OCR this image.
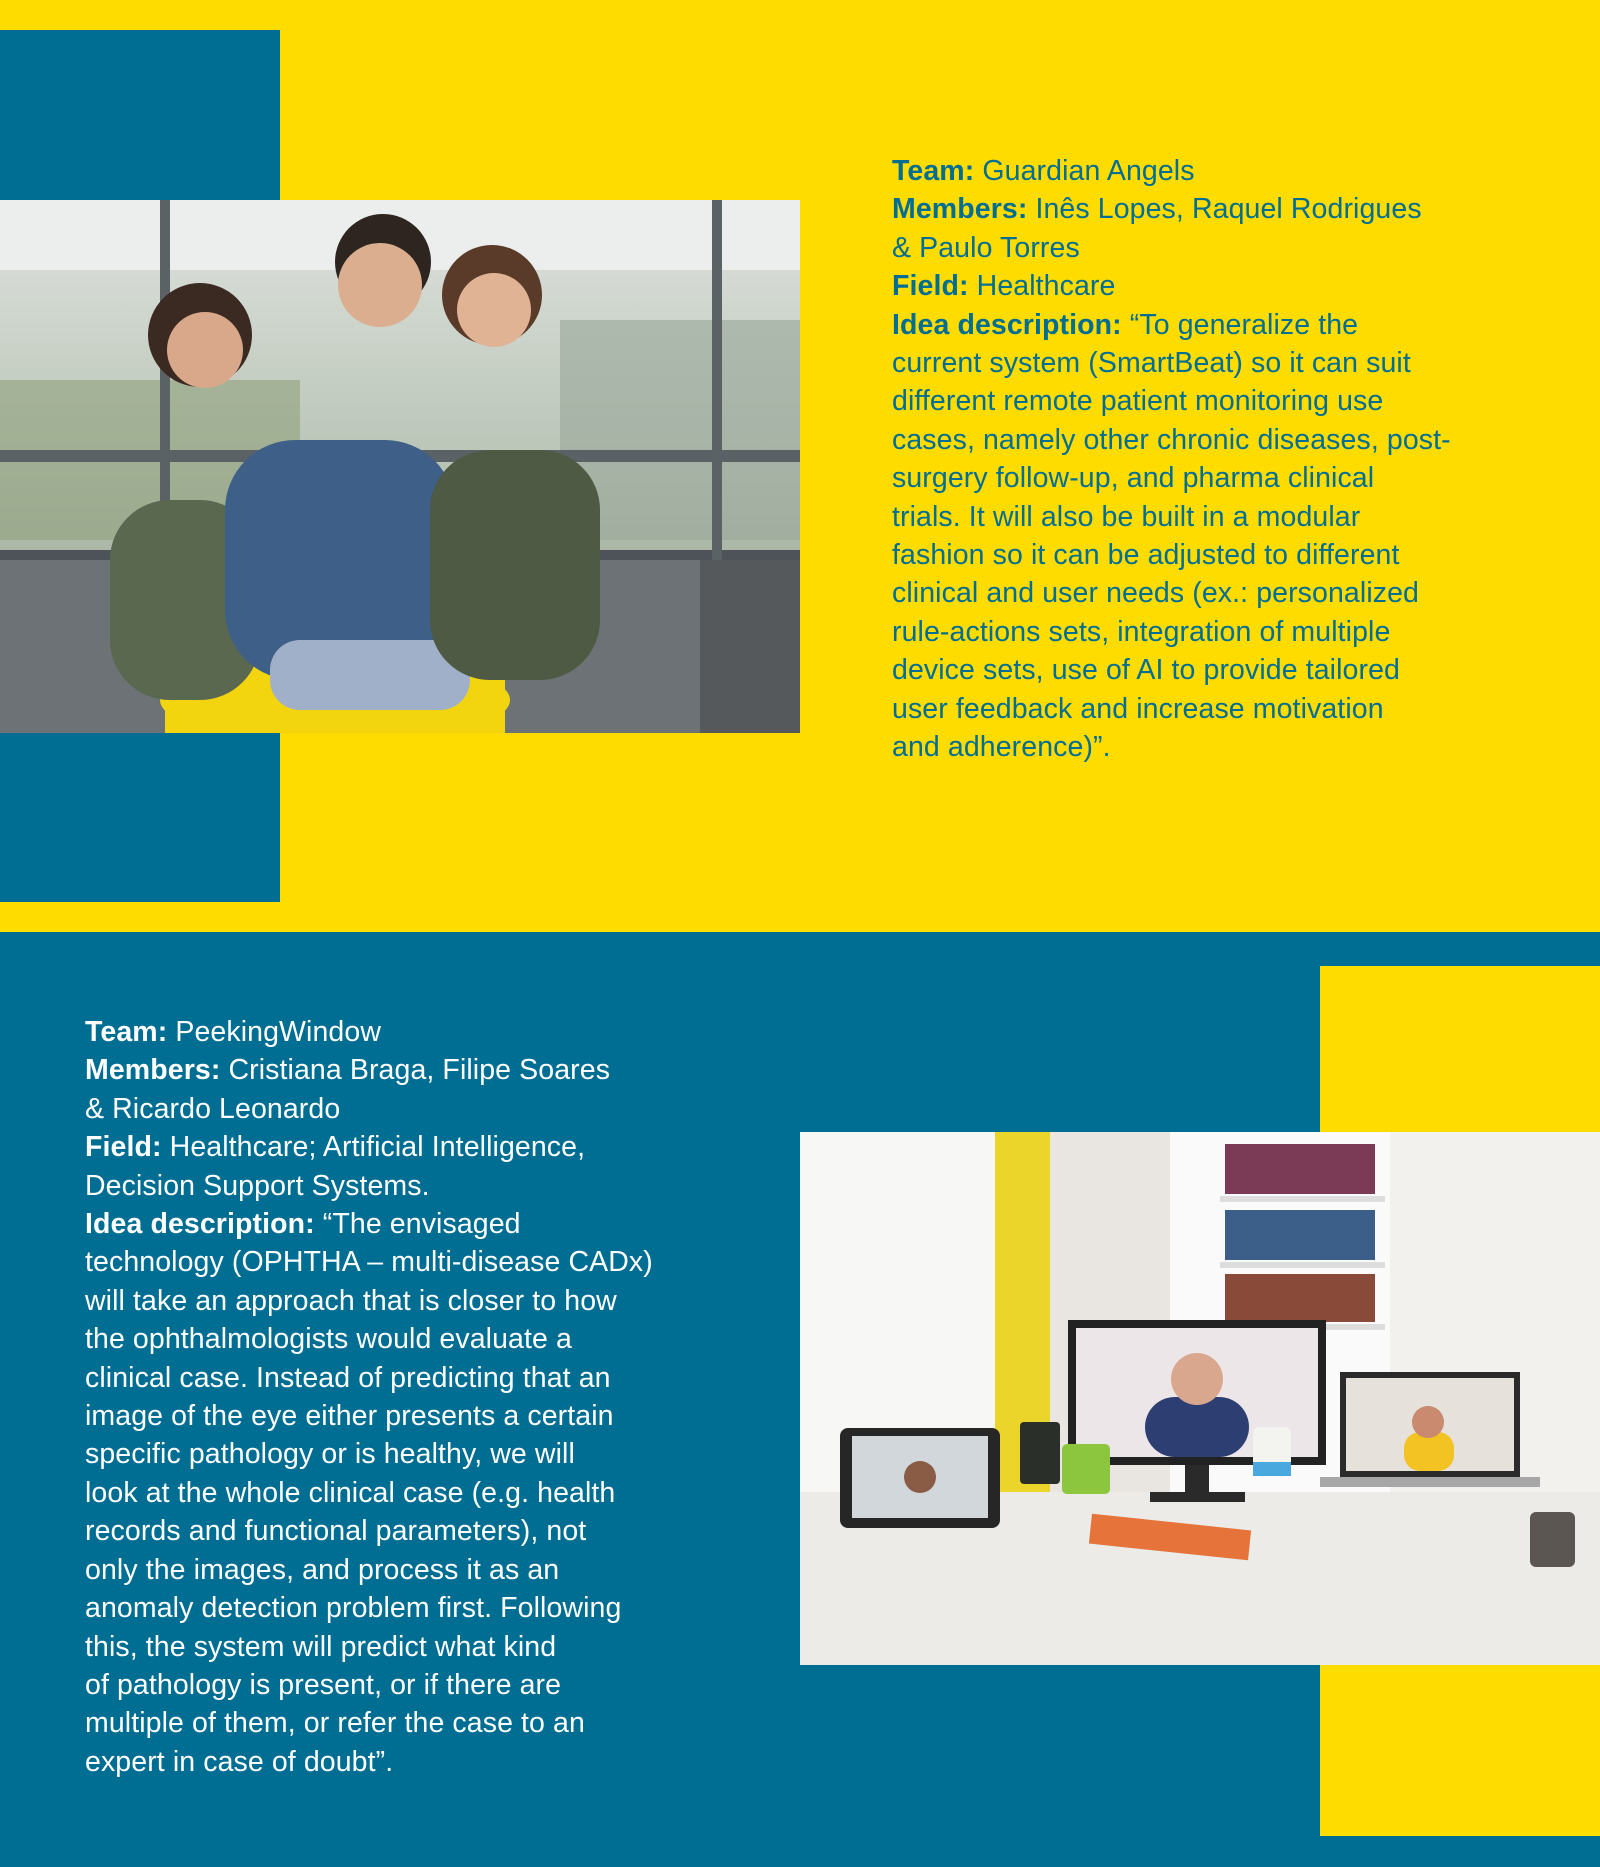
Team: Guardian Angels
Members: Inês Lopes, Raquel Rodrigues
& Paulo Torres
Field: Healthcare
Idea description: “To generalize the
current system (SmartBeat) so it can suit
different remote patient monitoring use
cases, namely other chronic diseases, post-
surgery follow-up, and pharma clinical
trials. It will also be built in a modular
fashion so it can be adjusted to different
clinical and user needs (ex.: personalized
rule-actions sets, integration of multiple
device sets, use of AI to provide tailored
user feedback and increase motivation
and adherence)”.
Team: PeekingWindow
Members: Cristiana Braga, Filipe Soares
& Ricardo Leonardo
Field: Healthcare; Artificial Intelligence,
Decision Support Systems.
Idea description: “The envisaged
technology (OPHTHA – multi-disease CADx)
will take an approach that is closer to how
the ophthalmologists would evaluate a
clinical case. Instead of predicting that an
image of the eye either presents a certain
specific pathology or is healthy, we will
look at the whole clinical case (e.g. health
records and functional parameters), not
only the images, and process it as an
anomaly detection problem first. Following
this, the system will predict what kind
of pathology is present, or if there are
multiple of them, or refer the case to an
expert in case of doubt”.
